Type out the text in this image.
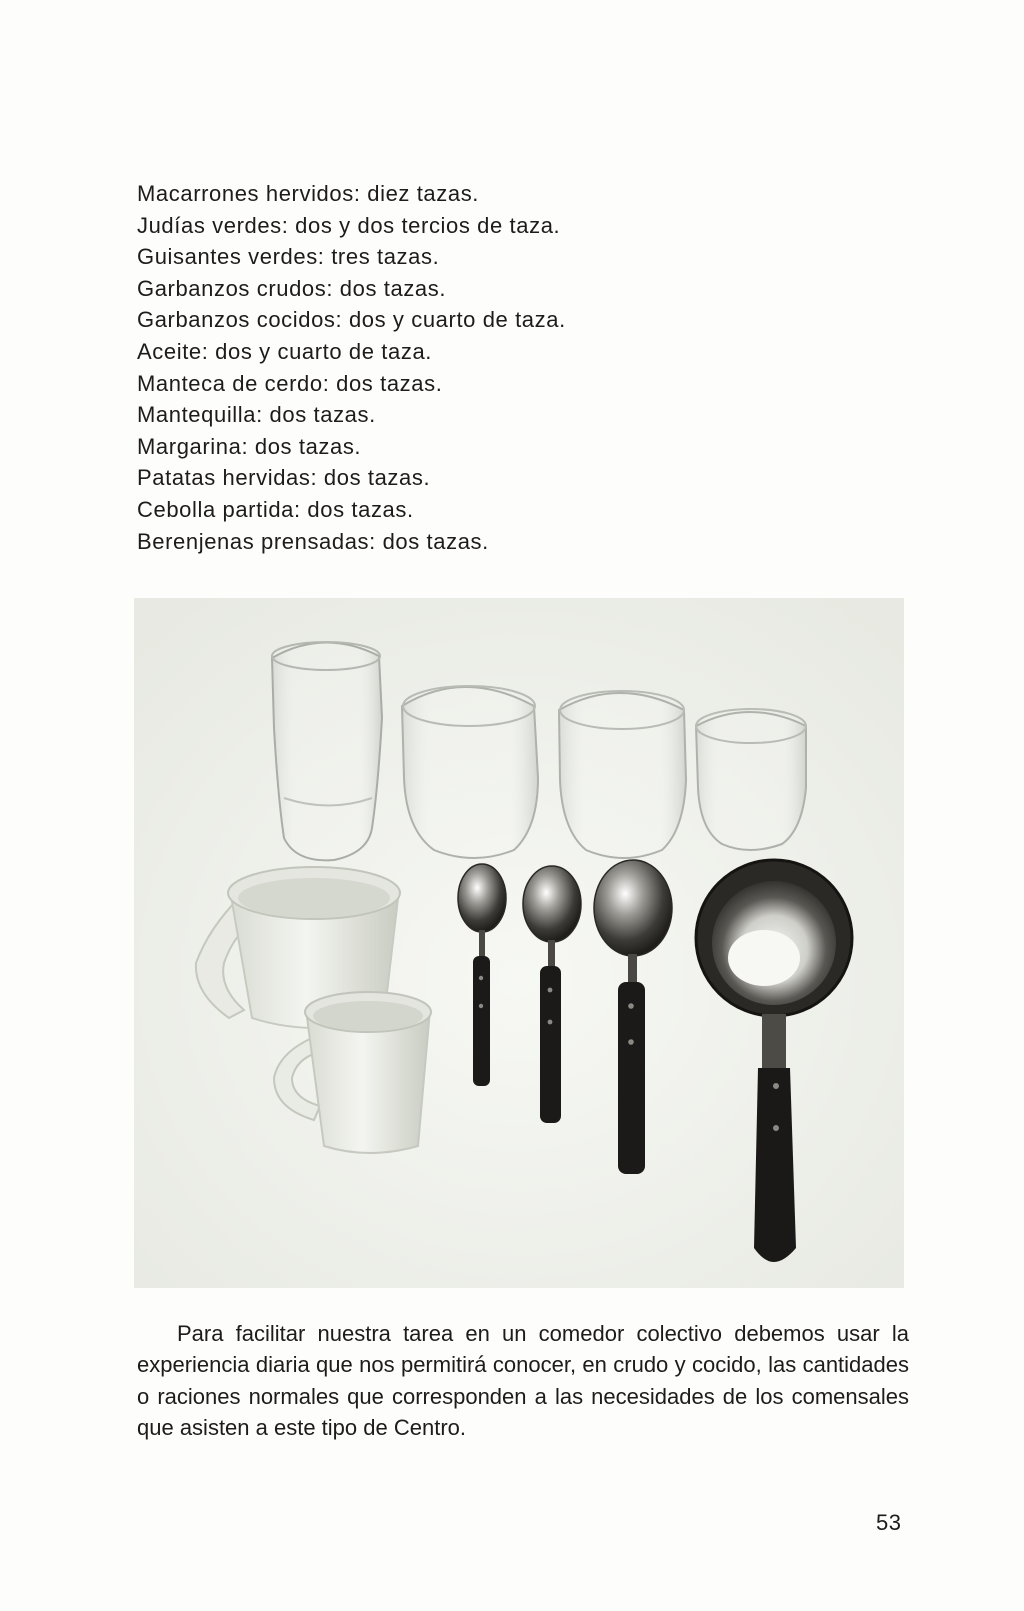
Macarrones hervidos: diez tazas.
Judías verdes: dos y dos tercios de taza.
Guisantes verdes: tres tazas.
Garbanzos crudos: dos tazas.
Garbanzos cocidos: dos y cuarto de taza.
Aceite: dos y cuarto de taza.
Manteca de cerdo: dos tazas.
Mantequilla: dos tazas.
Margarina: dos tazas.
Patatas hervidas: dos tazas.
Cebolla partida: dos tazas.
Berenjenas prensadas: dos tazas.

Para facilitar nuestra tarea en un comedor colectivo debemos usar la experiencia diaria que nos permitirá conocer, en crudo y cocido, las cantidades o raciones normales que corresponden a las necesidades de los comensales que asisten a este tipo de Centro.

53
